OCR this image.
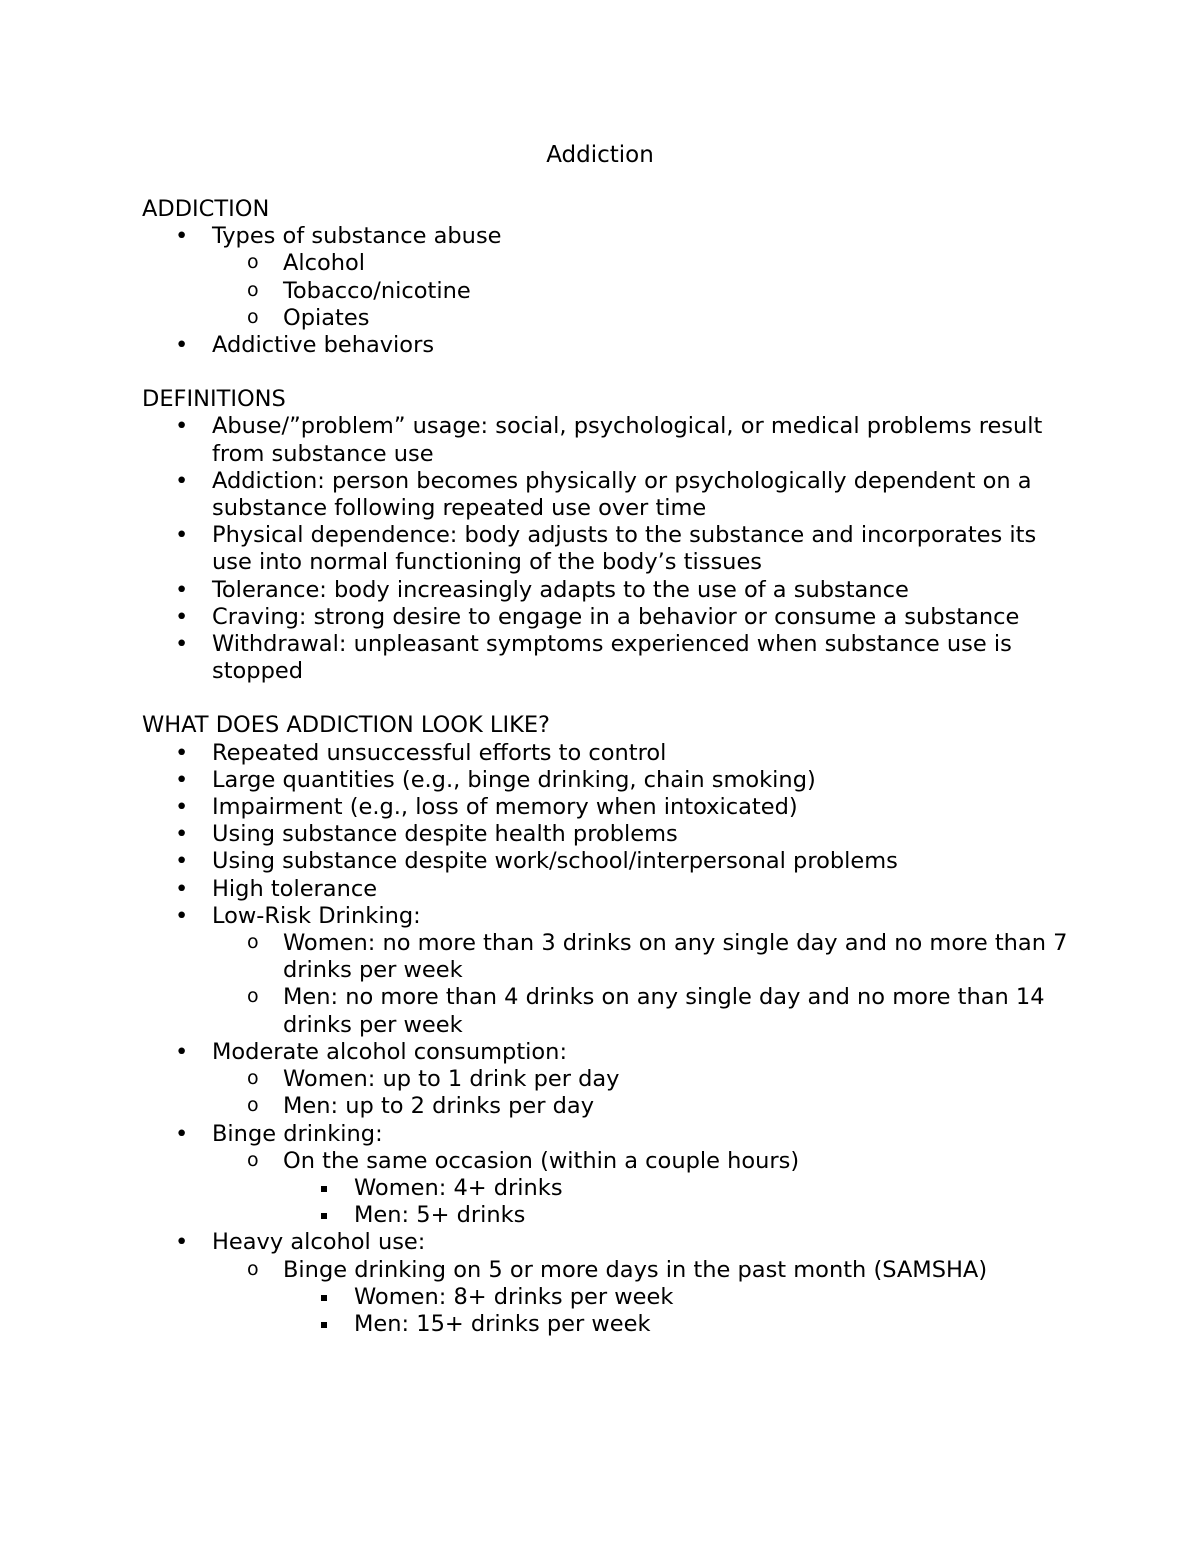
Addiction
ADDICTION
• Types of substance abuse
o Alcohol
o Tobacco/nicotine
o Opiates
• Addictive behaviors
DEFINITIONS
• Abuse/”problem” usage: social, psychological, or medical problems result from substance use
• Addiction: person becomes physically or psychologically dependent on a substance following repeated use over time
• Physical dependence: body adjusts to the substance and incorporates its use into normal functioning of the body’s tissues
• Tolerance: body increasingly adapts to the use of a substance
• Craving: strong desire to engage in a behavior or consume a substance
• Withdrawal: unpleasant symptoms experienced when substance use is stopped
WHAT DOES ADDICTION LOOK LIKE?
• Repeated unsuccessful efforts to control
• Large quantities (e.g., binge drinking, chain smoking)
• Impairment (e.g., loss of memory when intoxicated)
• Using substance despite health problems
• Using substance despite work/school/interpersonal problems
• High tolerance
• Low-Risk Drinking:
o Women: no more than 3 drinks on any single day and no more than 7 drinks per week
o Men: no more than 4 drinks on any single day and no more than 14 drinks per week
• Moderate alcohol consumption:
o Women: up to 1 drink per day
o Men: up to 2 drinks per day
• Binge drinking:
o On the same occasion (within a couple hours)
Women: 4+ drinks
Men: 5+ drinks
• Heavy alcohol use:
o Binge drinking on 5 or more days in the past month (SAMSHA)
Women: 8+ drinks per week
Men: 15+ drinks per week
